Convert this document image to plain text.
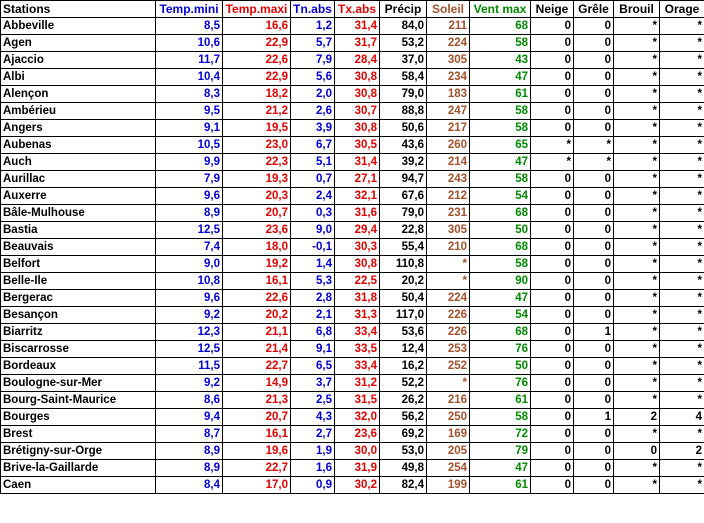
Stations	Temp.mini	Temp.maxi	Tn.abs	Tx.abs	Précip	Soleil	Vent max	Neige	Grêle	Brouil	Orage
Abbeville	8,5	16,6	1,2	31,4	84,0	211	68	0	0	*	*
Agen	10,6	22,9	5,7	31,7	53,2	224	58	0	0	*	*
Ajaccio	11,7	22,6	7,9	28,4	37,0	305	43	0	0	*	*
Albi	10,4	22,9	5,6	30,8	58,4	234	47	0	0	*	*
Alençon	8,3	18,2	2,0	30,8	79,0	183	61	0	0	*	*
Ambérieu	9,5	21,2	2,6	30,7	88,8	247	58	0	0	*	*
Angers	9,1	19,5	3,9	30,8	50,6	217	58	0	0	*	*
Aubenas	10,5	23,0	6,7	30,5	43,6	260	65	*	*	*	*
Auch	9,9	22,3	5,1	31,4	39,2	214	47	*	*	*	*
Aurillac	7,9	19,3	0,7	27,1	94,7	243	58	0	0	*	*
Auxerre	9,6	20,3	2,4	32,1	67,6	212	54	0	0	*	*
Bâle-Mulhouse	8,9	20,7	0,3	31,6	79,0	231	68	0	0	*	*
Bastia	12,5	23,6	9,0	29,4	22,8	305	50	0	0	*	*
Beauvais	7,4	18,0	-0,1	30,3	55,4	210	68	0	0	*	*
Belfort	9,0	19,2	1,4	30,8	110,8	*	58	0	0	*	*
Belle-Ile	10,8	16,1	5,3	22,5	20,2	*	90	0	0	*	*
Bergerac	9,6	22,6	2,8	31,8	50,4	224	47	0	0	*	*
Besançon	9,2	20,2	2,1	31,3	117,0	226	54	0	0	*	*
Biarritz	12,3	21,1	6,8	33,4	53,6	226	68	0	1	*	*
Biscarrosse	12,5	21,4	9,1	33,5	12,4	253	76	0	0	*	*
Bordeaux	11,5	22,7	6,5	33,4	16,2	252	50	0	0	*	*
Boulogne-sur-Mer	9,2	14,9	3,7	31,2	52,2	*	76	0	0	*	*
Bourg-Saint-Maurice	8,6	21,3	2,5	31,5	26,2	216	61	0	0	*	*
Bourges	9,4	20,7	4,3	32,0	56,2	250	58	0	1	2	4
Brest	8,7	16,1	2,7	23,6	69,2	169	72	0	0	*	*
Brétigny-sur-Orge	8,9	19,6	1,9	30,0	53,0	205	79	0	0	0	2
Brive-la-Gaillarde	8,9	22,7	1,6	31,9	49,8	254	47	0	0	*	*
Caen	8,4	17,0	0,9	30,2	82,4	199	61	0	0	*	*
